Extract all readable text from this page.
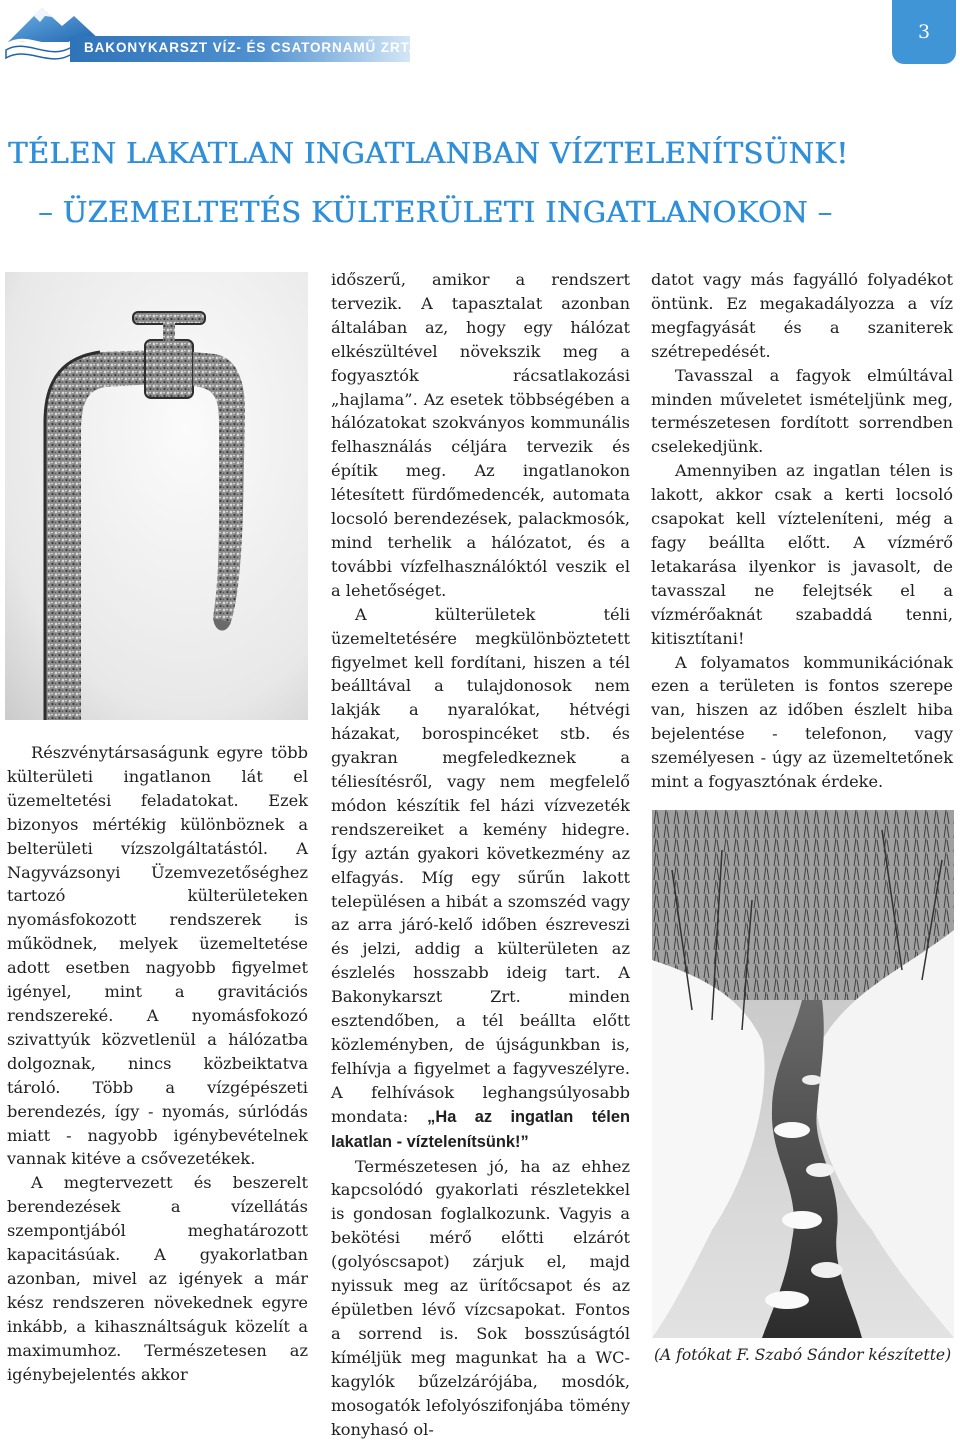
BAKONYKARSZT VÍZ- ÉS CSATORNAMŰ ZRT.
3
TÉLEN LAKATLAN INGATLANBAN VÍZTELENÍTSÜNK!
– ÜZEMELTETÉS KÜLTERÜLETI INGATLANOKON –

Részvénytársaságunk egyre több külterületi ingatlanon lát el üzemeltetési feladatokat. Ezek bizonyos mértékig különböznek a belterületi vízszolgáltatástól. A Nagyvázsonyi Üzemvezetőséghez tartozó külterületeken nyomásfokozott rendszerek is működnek, melyek üzemeltetése adott esetben nagyobb figyelmet igényel, mint a gravitációs rendszereké. A nyomásfokozó szivattyúk közvetlenül a hálózatba dolgoznak, nincs közbeiktatva tároló. Több a vízgépészeti berendezés, így - nyomás, súrlódás miatt - nagyobb igénybevételnek vannak kitéve a csővezetékek.

A megtervezett és beszerelt berendezések a vízellátás szempontjából meghatározott kapacitásúak. A gyakorlatban azonban, mivel az igények a már kész rendszeren növekednek egyre inkább, a kihasználtságuk közelít a maximumhoz. Természetesen az igénybejelentés akkor

időszerű, amikor a rendszert tervezik. A tapasztalat azonban általában az, hogy egy hálózat elkészültével növekszik meg a fogyasztók rácsatlakozási „hajlama”. Az esetek többségében a hálózatokat szokványos kommunális felhasználás céljára tervezik és építik meg. Az ingatlanokon létesített fürdőmedencék, automata locsoló berendezések, palackmosók, mind terhelik a hálózatot, és a további vízfelhasználóktól veszik el a lehetőséget.

A külterületek téli üzemeltetésére megkülönböztetett figyelmet kell fordítani, hiszen a tél beálltával a tulajdonosok nem lakják a nyaralókat, hétvégi házakat, borospincéket stb. és gyakran megfeledkeznek a téliesítésről, vagy nem megfelelő módon készítik fel házi vízvezeték rendszereiket a kemény hidegre. Így aztán gyakori következmény az elfagyás. Míg egy sűrűn lakott településen a hibát a szomszéd vagy az arra járó-kelő időben észreveszi és jelzi, addig a külterületen az észlelés hosszabb ideig tart. A Bakonykarszt Zrt. minden esztendőben, a tél beállta előtt közleményben, de újságunkban is, felhívja a figyelmet a fagyveszélyre. A felhívások leghangsúlyosabb mondata: „Ha az ingatlan télen lakatlan - víztelenítsünk!”

Természetesen jó, ha az ehhez kapcsolódó gyakorlati részletekkel is gondosan foglalkozunk. Vagyis a bekötési mérő előtti elzárót (golyóscsapot) zárjuk el, majd nyissuk meg az ürítőcsapot és az épületben lévő vízcsapokat. Fontos a sorrend is. Sok bosszúságtól kíméljük meg magunkat ha a WC-kagylók bűzelzárójába, mosdók, mosogatók lefolyószifonjába tömény konyhasó ol-

datot vagy más fagyálló folyadékot öntünk. Ez megakadályozza a víz megfagyását és a szaniterek szétrepedését.

Tavasszal a fagyok elmúltával minden műveletet ismételjünk meg, természetesen fordított sorrendben cselekedjünk.

Amennyiben az ingatlan télen is lakott, akkor csak a kerti locsoló csapokat kell vízteleníteni, még a fagy beállta előtt. A vízmérő letakarása ilyenkor is javasolt, de tavasszal ne felejtsék el a vízmérőaknát szabaddá tenni, kitisztítani!

A folyamatos kommunikációnak ezen a területen is fontos szerepe van, hiszen az időben észlelt hiba bejelentése - telefonon, vagy személyesen - úgy az üzemeltetőnek mint a fogyasztónak érdeke.

(A fotókat F. Szabó Sándor készítette)
